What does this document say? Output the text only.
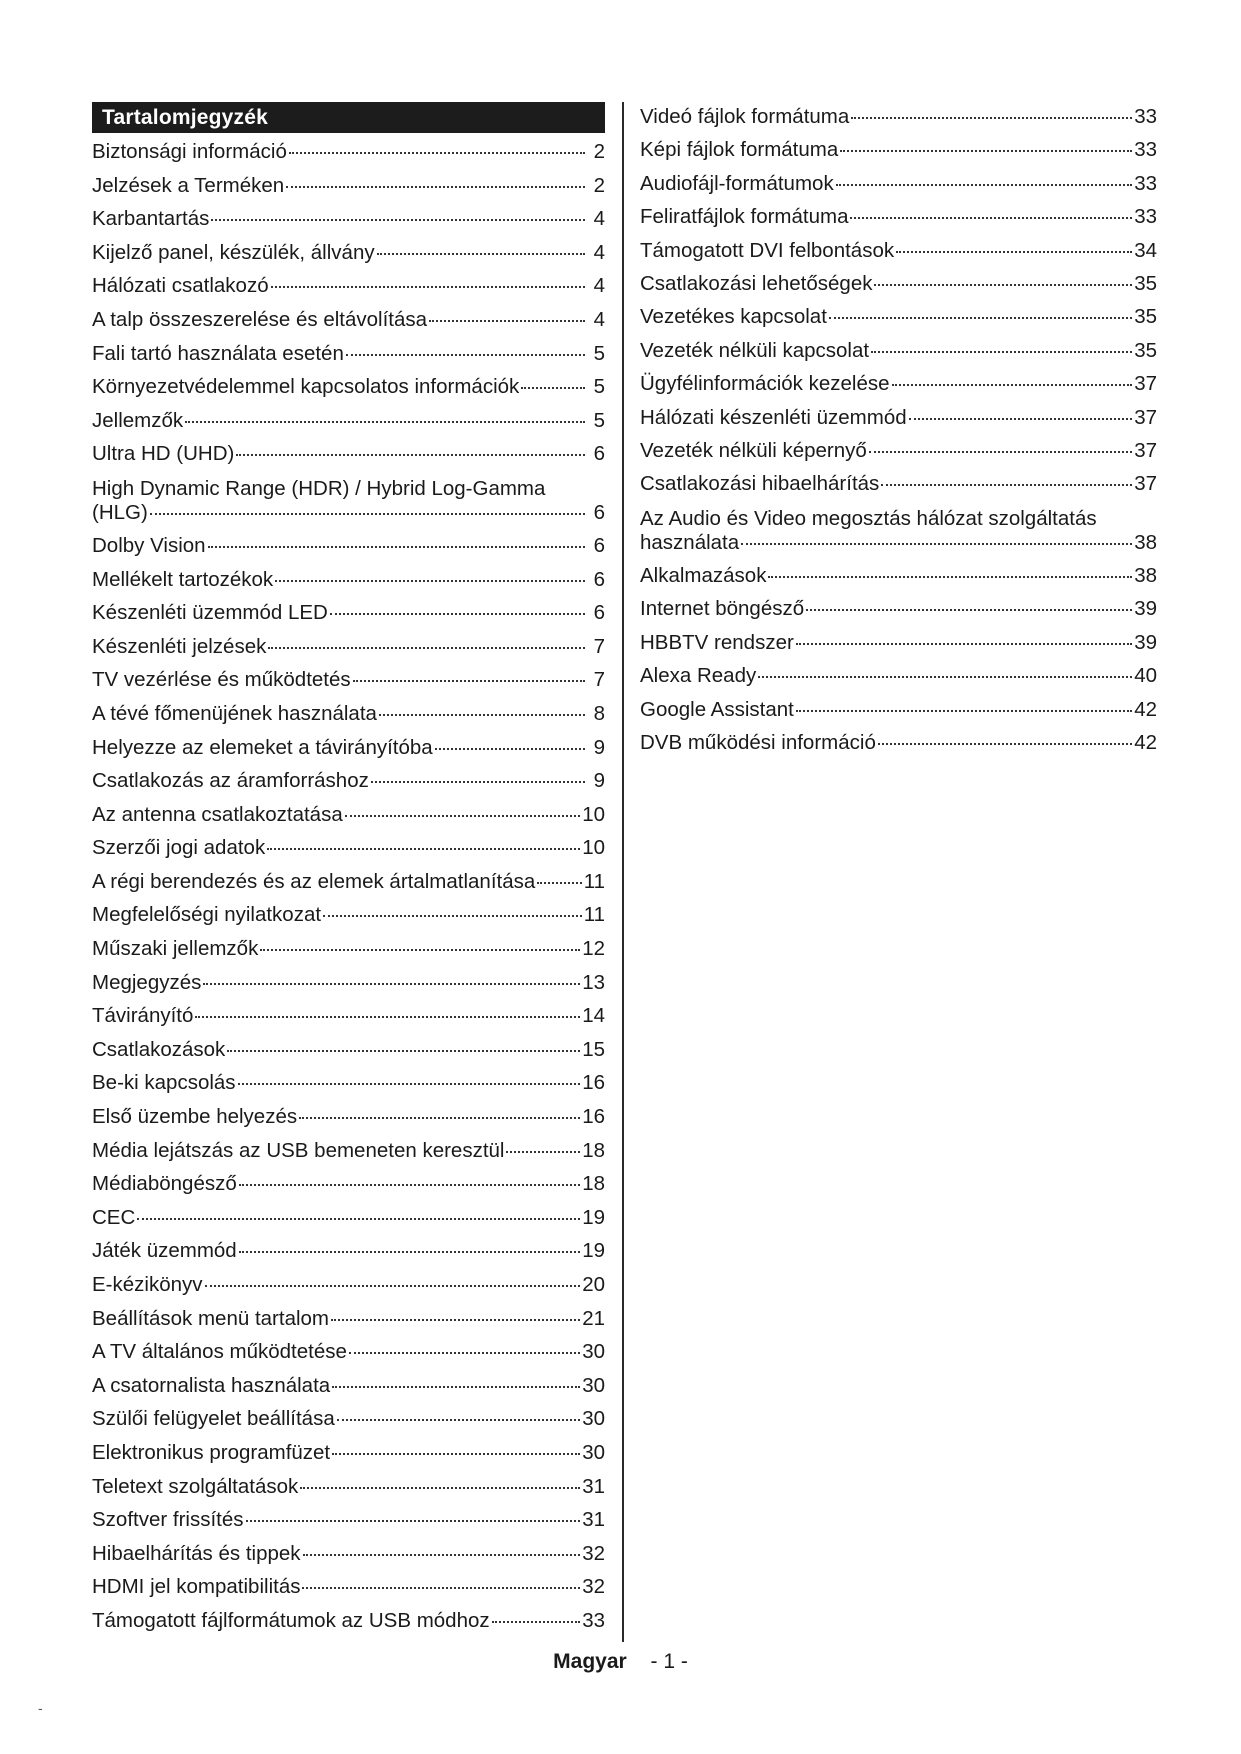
Tartalomjegyzék
Biztonsági információ	2
Jelzések a Terméken	2
Karbantartás	4
Kijelző panel, készülék, állvány	4
Hálózati csatlakozó	4
A talp összeszerelése és eltávolítása	4
Fali tartó használata esetén	5
Környezetvédelemmel kapcsolatos információk	5
Jellemzők	5
Ultra HD (UHD)	6
High Dynamic Range (HDR) / Hybrid Log-Gamma
(HLG)	6
Dolby Vision	6
Mellékelt tartozékok	6
Készenléti üzemmód LED	6
Készenléti jelzések	7
TV vezérlése és működtetés	7
A tévé főmenüjének használata	8
Helyezze az elemeket a távirányítóba	9
Csatlakozás az áramforráshoz	9
Az antenna csatlakoztatása	10
Szerzői jogi adatok	10
A régi berendezés és az elemek ártalmatlanítása 11
Megfelelőségi nyilatkozat	11
Műszaki jellemzők	12
Megjegyzés	13
Távirányító	14
Csatlakozások	15
Be-ki kapcsolás	16
Első üzembe helyezés	16
Média lejátszás az USB bemeneten keresztül	18
Médiaböngésző	18
CEC	19
Játék üzemmód	19
E-kézikönyv	20
Beállítások menü tartalom	21
A TV általános működtetése	30
A csatornalista használata	30
Szülői felügyelet beállítása	30
Elektronikus programfüzet	30
Teletext szolgáltatások	31
Szoftver frissítés	31
Hibaelhárítás és tippek	32
HDMI jel kompatibilitás	32
Támogatott fájlformátumok az USB módhoz	33
Videó fájlok formátuma	33
Képi fájlok formátuma	33
Audiofájl-formátumok	33
Feliratfájlok formátuma	33
Támogatott DVI felbontások	34
Csatlakozási lehetőségek	35
Vezetékes kapcsolat	35
Vezeték nélküli kapcsolat	35
Ügyfélinformációk kezelése	37
Hálózati készenléti üzemmód	37
Vezeték nélküli képernyő	37
Csatlakozási hibaelhárítás	37
Az Audio és Video megosztás hálózat szolgáltatás
használata	38
Alkalmazások	38
Internet böngésző	39
HBBTV rendszer	39
Alexa Ready	40
Google Assistant	42
DVB működési információ	42
Magyar - 1 -
-
